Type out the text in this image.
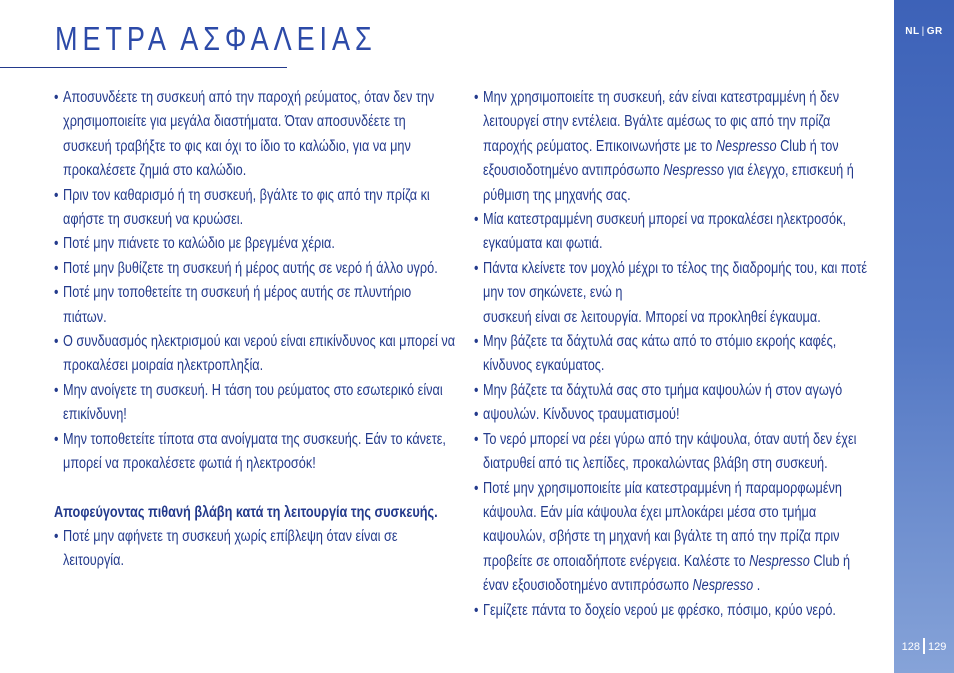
ΜΕΤΡΑ ΑΣΦΑΛΕΙΑΣ
• Αποσυνδέετε τη συσκευή από την παροχή ρεύματος, όταν δεν την χρησιμοποιείτε για μεγάλα διαστήματα. Όταν αποσυνδέετε τη συσκευή τραβήξτε το φις και όχι το ίδιο το καλώδιο, για να μην προκαλέσετε ζημιά στο καλώδιο.
• Πριν τον καθαρισμό ή τη συσκευή, βγάλτε το φις από την πρίζα κι αφήστε τη συσκευή να κρυώσει.
• Ποτέ μην πιάνετε το καλώδιο με βρεγμένα χέρια.
• Ποτέ μην βυθίζετε τη συσκευή ή μέρος αυτής σε νερό ή άλλο υγρό.
• Ποτέ μην τοποθετείτε τη συσκευή ή μέρος αυτής σε πλυντήριο πιάτων.
• Ο συνδυασμός ηλεκτρισμού και νερού είναι επικίνδυνος και μπορεί να προκαλέσει μοιραία ηλεκτροπληξία.
• Μην ανοίγετε τη συσκευή. Η τάση του ρεύματος στο εσωτερικό είναι επικίνδυνη!
• Μην τοποθετείτε τίποτα στα ανοίγματα της συσκευής. Εάν το κάνετε, μπορεί να προκαλέσετε φωτιά ή ηλεκτροσόκ!
Αποφεύγοντας πιθανή βλάβη κατά τη λειτουργία της συσκευής.
• Ποτέ μην αφήνετε τη συσκευή χωρίς επίβλεψη όταν είναι σε λειτουργία.
• Μην χρησιμοποιείτε τη συσκευή, εάν είναι κατεστραμμένη ή δεν λειτουργεί στην εντέλεια. Βγάλτε αμέσως το φις από την πρίζα παροχής ρεύματος. Επικοινωνήστε με το Nespresso Club ή τον εξουσιοδοτημένο αντιπρόσωπο Nespresso για έλεγχο, επισκευή ή ρύθμιση της μηχανής σας.
• Μία κατεστραμμένη συσκευή μπορεί να προκαλέσει ηλεκτροσόκ, εγκαύματα και φωτιά.
• Πάντα κλείνετε τον μοχλό μέχρι το τέλος της διαδρομής του, και ποτέ μην τον σηκώνετε, ενώ η
συσκευή είναι σε λειτουργία. Μπορεί να προκληθεί έγκαυμα.
• Μην βάζετε τα δάχτυλά σας κάτω από το στόμιο εκροής καφές, κίνδυνος εγκαύματος.
• Μην βάζετε τα δάχτυλά σας στο τμήμα καψουλών ή στον αγωγό
• αψουλών. Κίνδυνος τραυματισμού!
• Το νερό μπορεί να ρέει γύρω από την κάψουλα, όταν αυτή δεν έχει διατρυθεί από τις λεπίδες, προκαλώντας βλάβη στη συσκευή.
• Ποτέ μην χρησιμοποιείτε μία κατεστραμμένη ή παραμορφωμένη κάψουλα. Εάν μία κάψουλα έχει μπλοκάρει μέσα στο τμήμα καψουλών, σβήστε τη μηχανή και βγάλτε τη από την πρίζα πριν προβείτε σε οποιαδήποτε ενέργεια. Καλέστε το Nespresso Club ή έναν εξουσιοδοτημένο αντιπρόσωπο Nespresso .
• Γεμίζετε πάντα το δοχείο νερού με φρέσκο, πόσιμο, κρύο νερό.
NL | GR
128 129
